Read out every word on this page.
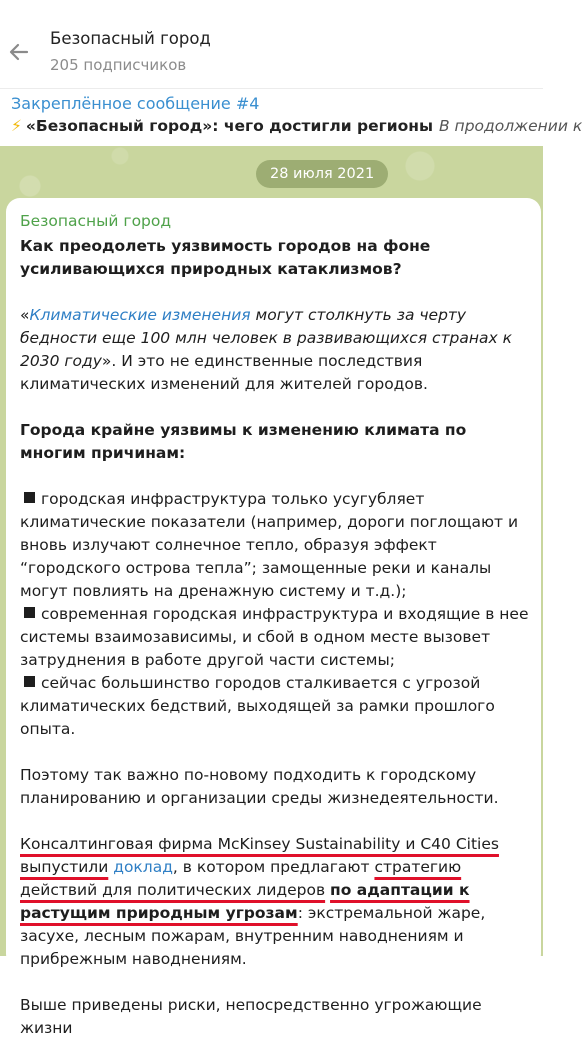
Безопасный город
205 подписчиков
Закреплённое сообщение #4
⚡ «Безопасный город»: чего достигли регионы В продолжении к
28 июля 2021
Безопасный город

Как преодолеть уязвимость городов на фоне усиливающихся природных катаклизмов?

«Климатические изменения могут столкнуть за черту бедности еще 100 млн человек в развивающихся странах к 2030 году». И это не единственные последствия климатических изменений для жителей городов.

Города крайне уязвимы к изменению климата по многим причинам:

городская инфраструктура только усугубляет климатические показатели (например, дороги поглощают и вновь излучают солнечное тепло, образуя эффект “городского острова тепла”; замощенные реки и каналы могут повлиять на дренажную систему и т.д.);

современная городская инфраструктура и входящие в нее системы взаимозависимы, и сбой в одном месте вызовет затруднения в работе другой части системы;

сейчас большинство городов сталкивается с угрозой климатических бедствий, выходящей за рамки прошлого опыта.

Поэтому так важно по-новому подходить к городскому планированию и организации среды жизнедеятельности.

Консалтинговая фирма McKinsey Sustainability и C40 Cities выпустили доклад, в котором предлагают стратегию действий для политических лидеров по адаптации к растущим природным угрозам: экстремальной жаре, засухе, лесным пожарам, внутренним наводнениям и прибрежным наводнениям.

Выше приведены риски, непосредственно угрожающие жизни
